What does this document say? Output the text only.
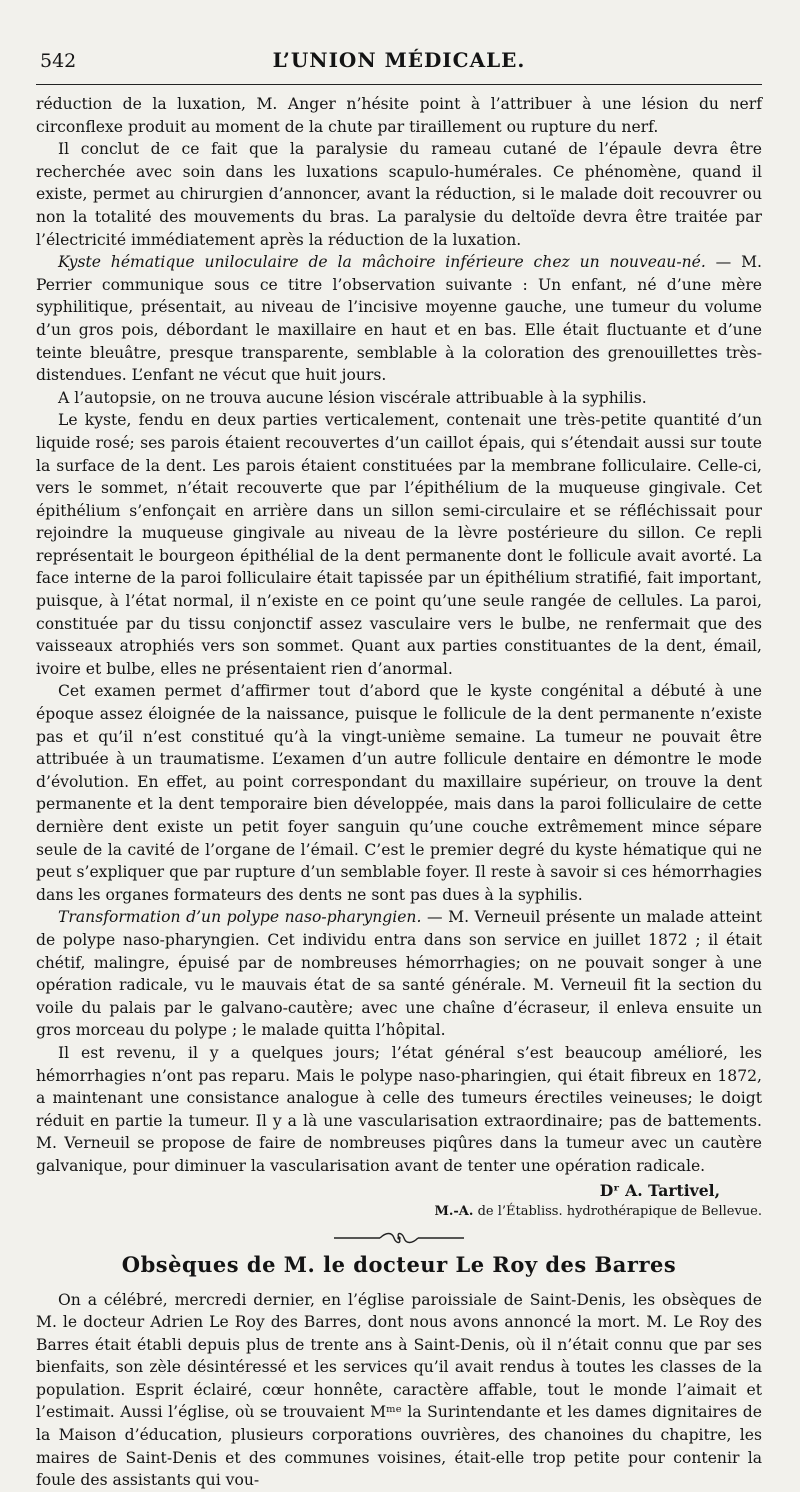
542	L’UNION MÉDICALE.

réduction de la luxation, M. Anger n’hésite point à l’attribuer à une lésion du nerf circonflexe produit au moment de la chute par tiraillement ou rupture du nerf.

Il conclut de ce fait que la paralysie du rameau cutané de l’épaule devra être recherchée avec soin dans les luxations scapulo-humérales. Ce phénomène, quand il existe, permet au chirurgien d’annoncer, avant la réduction, si le malade doit recouvrer ou non la totalité des mouvements du bras. La paralysie du deltoïde devra être traitée par l’électricité immédiatement après la réduction de la luxation.

Kyste hématique uniloculaire de la mâchoire inférieure chez un nouveau-né. — M. Perrier communique sous ce titre l’observation suivante : Un enfant, né d’une mère syphilitique, présentait, au niveau de l’incisive moyenne gauche, une tumeur du volume d’un gros pois, débordant le maxillaire en haut et en bas. Elle était fluctuante et d’une teinte bleuâtre, presque transparente, semblable à la coloration des grenouillettes très-distendues. L’enfant ne vécut que huit jours.

A l’autopsie, on ne trouva aucune lésion viscérale attribuable à la syphilis.

Le kyste, fendu en deux parties verticalement, contenait une très-petite quantité d’un liquide rosé; ses parois étaient recouvertes d’un caillot épais, qui s’étendait aussi sur toute la surface de la dent. Les parois étaient constituées par la membrane folliculaire. Celle-ci, vers le sommet, n’était recouverte que par l’épithélium de la muqueuse gingivale. Cet épithélium s’enfonçait en arrière dans un sillon semi-circulaire et se réfléchissait pour rejoindre la muqueuse gingivale au niveau de la lèvre postérieure du sillon. Ce repli représentait le bourgeon épithélial de la dent permanente dont le follicule avait avorté. La face interne de la paroi folliculaire était tapissée par un épithélium stratifié, fait important, puisque, à l’état normal, il n’existe en ce point qu’une seule rangée de cellules. La paroi, constituée par du tissu conjonctif assez vasculaire vers le bulbe, ne renfermait que des vaisseaux atrophiés vers son sommet. Quant aux parties constituantes de la dent, émail, ivoire et bulbe, elles ne présentaient rien d’anormal.

Cet examen permet d’affirmer tout d’abord que le kyste congénital a débuté à une époque assez éloignée de la naissance, puisque le follicule de la dent permanente n’existe pas et qu’il n’est constitué qu’à la vingt-unième semaine. La tumeur ne pouvait être attribuée à un traumatisme. L’examen d’un autre follicule dentaire en démontre le mode d’évolution. En effet, au point correspondant du maxillaire supérieur, on trouve la dent permanente et la dent temporaire bien développée, mais dans la paroi folliculaire de cette dernière dent existe un petit foyer sanguin qu’une couche extrêmement mince sépare seule de la cavité de l’organe de l’émail. C’est le premier degré du kyste hématique qui ne peut s’expliquer que par rupture d’un semblable foyer. Il reste à savoir si ces hémorrhagies dans les organes formateurs des dents ne sont pas dues à la syphilis.

Transformation d’un polype naso-pharyngien. — M. Verneuil présente un malade atteint de polype naso-pharyngien. Cet individu entra dans son service en juillet 1872 ; il était chétif, malingre, épuisé par de nombreuses hémorrhagies; on ne pouvait songer à une opération radicale, vu le mauvais état de sa santé générale. M. Verneuil fit la section du voile du palais par le galvano-cautère; avec une chaîne d’écraseur, il enleva ensuite un gros morceau du polype ; le malade quitta l’hôpital.

Il est revenu, il y a quelques jours; l’état général s’est beaucoup amélioré, les hémorrhagies n’ont pas reparu. Mais le polype naso-pharingien, qui était fibreux en 1872, a maintenant une consistance analogue à celle des tumeurs érectiles veineuses; le doigt réduit en partie la tumeur. Il y a là une vascularisation extraordinaire; pas de battements. M. Verneuil se propose de faire de nombreuses piqûres dans la tumeur avec un cautère galvanique, pour diminuer la vascularisation avant de tenter une opération radicale.

Dʳ A. Tartivel,
M.-A. de l’Établiss. hydrothérapique de Bellevue.
Obsèques de M. le docteur Le Roy des Barres

On a célébré, mercredi dernier, en l’église paroissiale de Saint-Denis, les obsèques de M. le docteur Adrien Le Roy des Barres, dont nous avons annoncé la mort. M. Le Roy des Barres était établi depuis plus de trente ans à Saint-Denis, où il n’était connu que par ses bienfaits, son zèle désintéressé et les services qu’il avait rendus à toutes les classes de la population. Esprit éclairé, cœur honnête, caractère affable, tout le monde l’aimait et l’estimait. Aussi l’église, où se trouvaient Mᵐᵉ la Surintendante et les dames dignitaires de la Maison d’éducation, plusieurs corporations ouvrières, des chanoines du chapitre, les maires de Saint-Denis et des communes voisines, était-elle trop petite pour contenir la foule des assistants qui vou-
